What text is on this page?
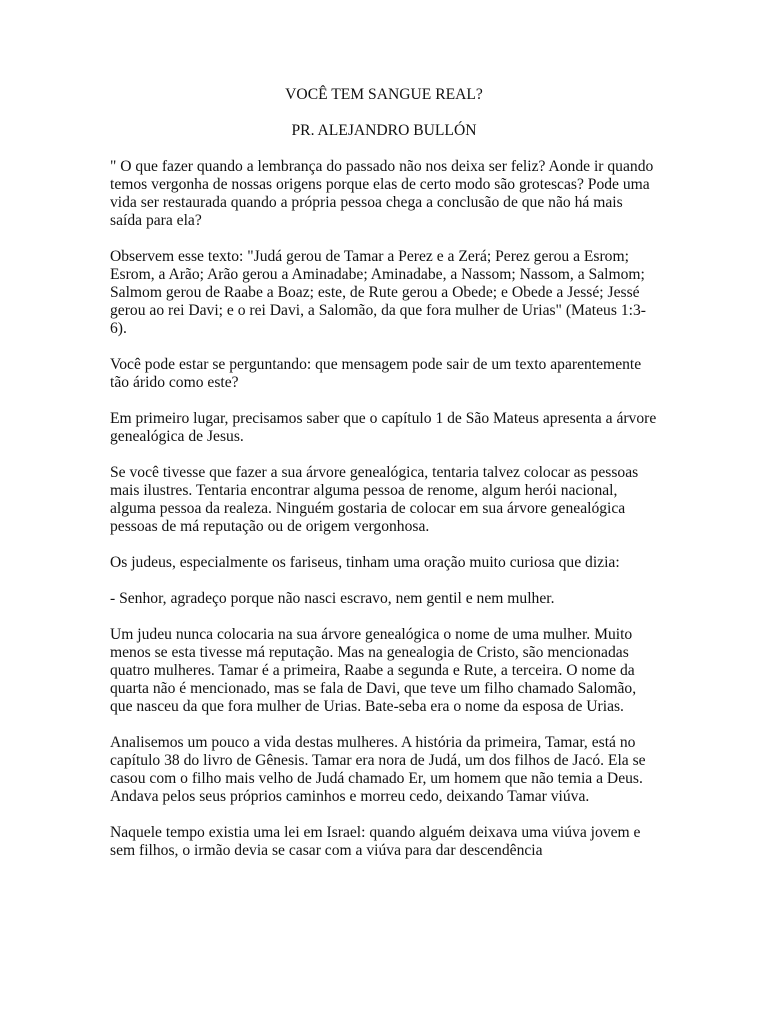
VOCÊ TEM SANGUE REAL?
PR. ALEJANDRO BULLÓN

" O que fazer quando a lembrança do passado não nos deixa ser feliz? Aonde ir quando temos vergonha de nossas origens porque elas de certo modo são grotescas? Pode uma vida ser restaurada quando a própria pessoa chega a conclusão de que não há mais saída para ela?

Observem esse texto: "Judá gerou de Tamar a Perez e a Zerá; Perez gerou a Esrom; Esrom, a Arão; Arão gerou a Aminadabe; Aminadabe, a Nassom; Nassom, a Salmom; Salmom gerou de Raabe a Boaz; este, de Rute gerou a Obede; e Obede a Jessé; Jessé gerou ao rei Davi; e o rei Davi, a Salomão, da que fora mulher de Urias" (Mateus 1:3-6).

Você pode estar se perguntando: que mensagem pode sair de um texto aparentemente tão árido como este?

Em primeiro lugar, precisamos saber que o capítulo 1 de São Mateus apresenta a árvore genealógica de Jesus.

Se você tivesse que fazer a sua árvore genealógica, tentaria talvez colocar as pessoas mais ilustres. Tentaria encontrar alguma pessoa de renome, algum herói nacional, alguma pessoa da realeza. Ninguém gostaria de colocar em sua árvore genealógica pessoas de má reputação ou de origem vergonhosa.

Os judeus, especialmente os fariseus, tinham uma oração muito curiosa que dizia:

- Senhor, agradeço porque não nasci escravo, nem gentil e nem mulher.

Um judeu nunca colocaria na sua árvore genealógica o nome de uma mulher. Muito menos se esta tivesse má reputação. Mas na genealogia de Cristo, são mencionadas quatro mulheres. Tamar é a primeira, Raabe a segunda e Rute, a terceira. O nome da quarta não é mencionado, mas se fala de Davi, que teve um filho chamado Salomão, que nasceu da que fora mulher de Urias. Bate-seba era o nome da esposa de Urias.

Analisemos um pouco a vida destas mulheres. A história da primeira, Tamar, está no capítulo 38 do livro de Gênesis. Tamar era nora de Judá, um dos filhos de Jacó. Ela se casou com o filho mais velho de Judá chamado Er, um homem que não temia a Deus. Andava pelos seus próprios caminhos e morreu cedo, deixando Tamar viúva.

Naquele tempo existia uma lei em Israel: quando alguém deixava uma viúva jovem e sem filhos, o irmão devia se casar com a viúva para dar descendência
